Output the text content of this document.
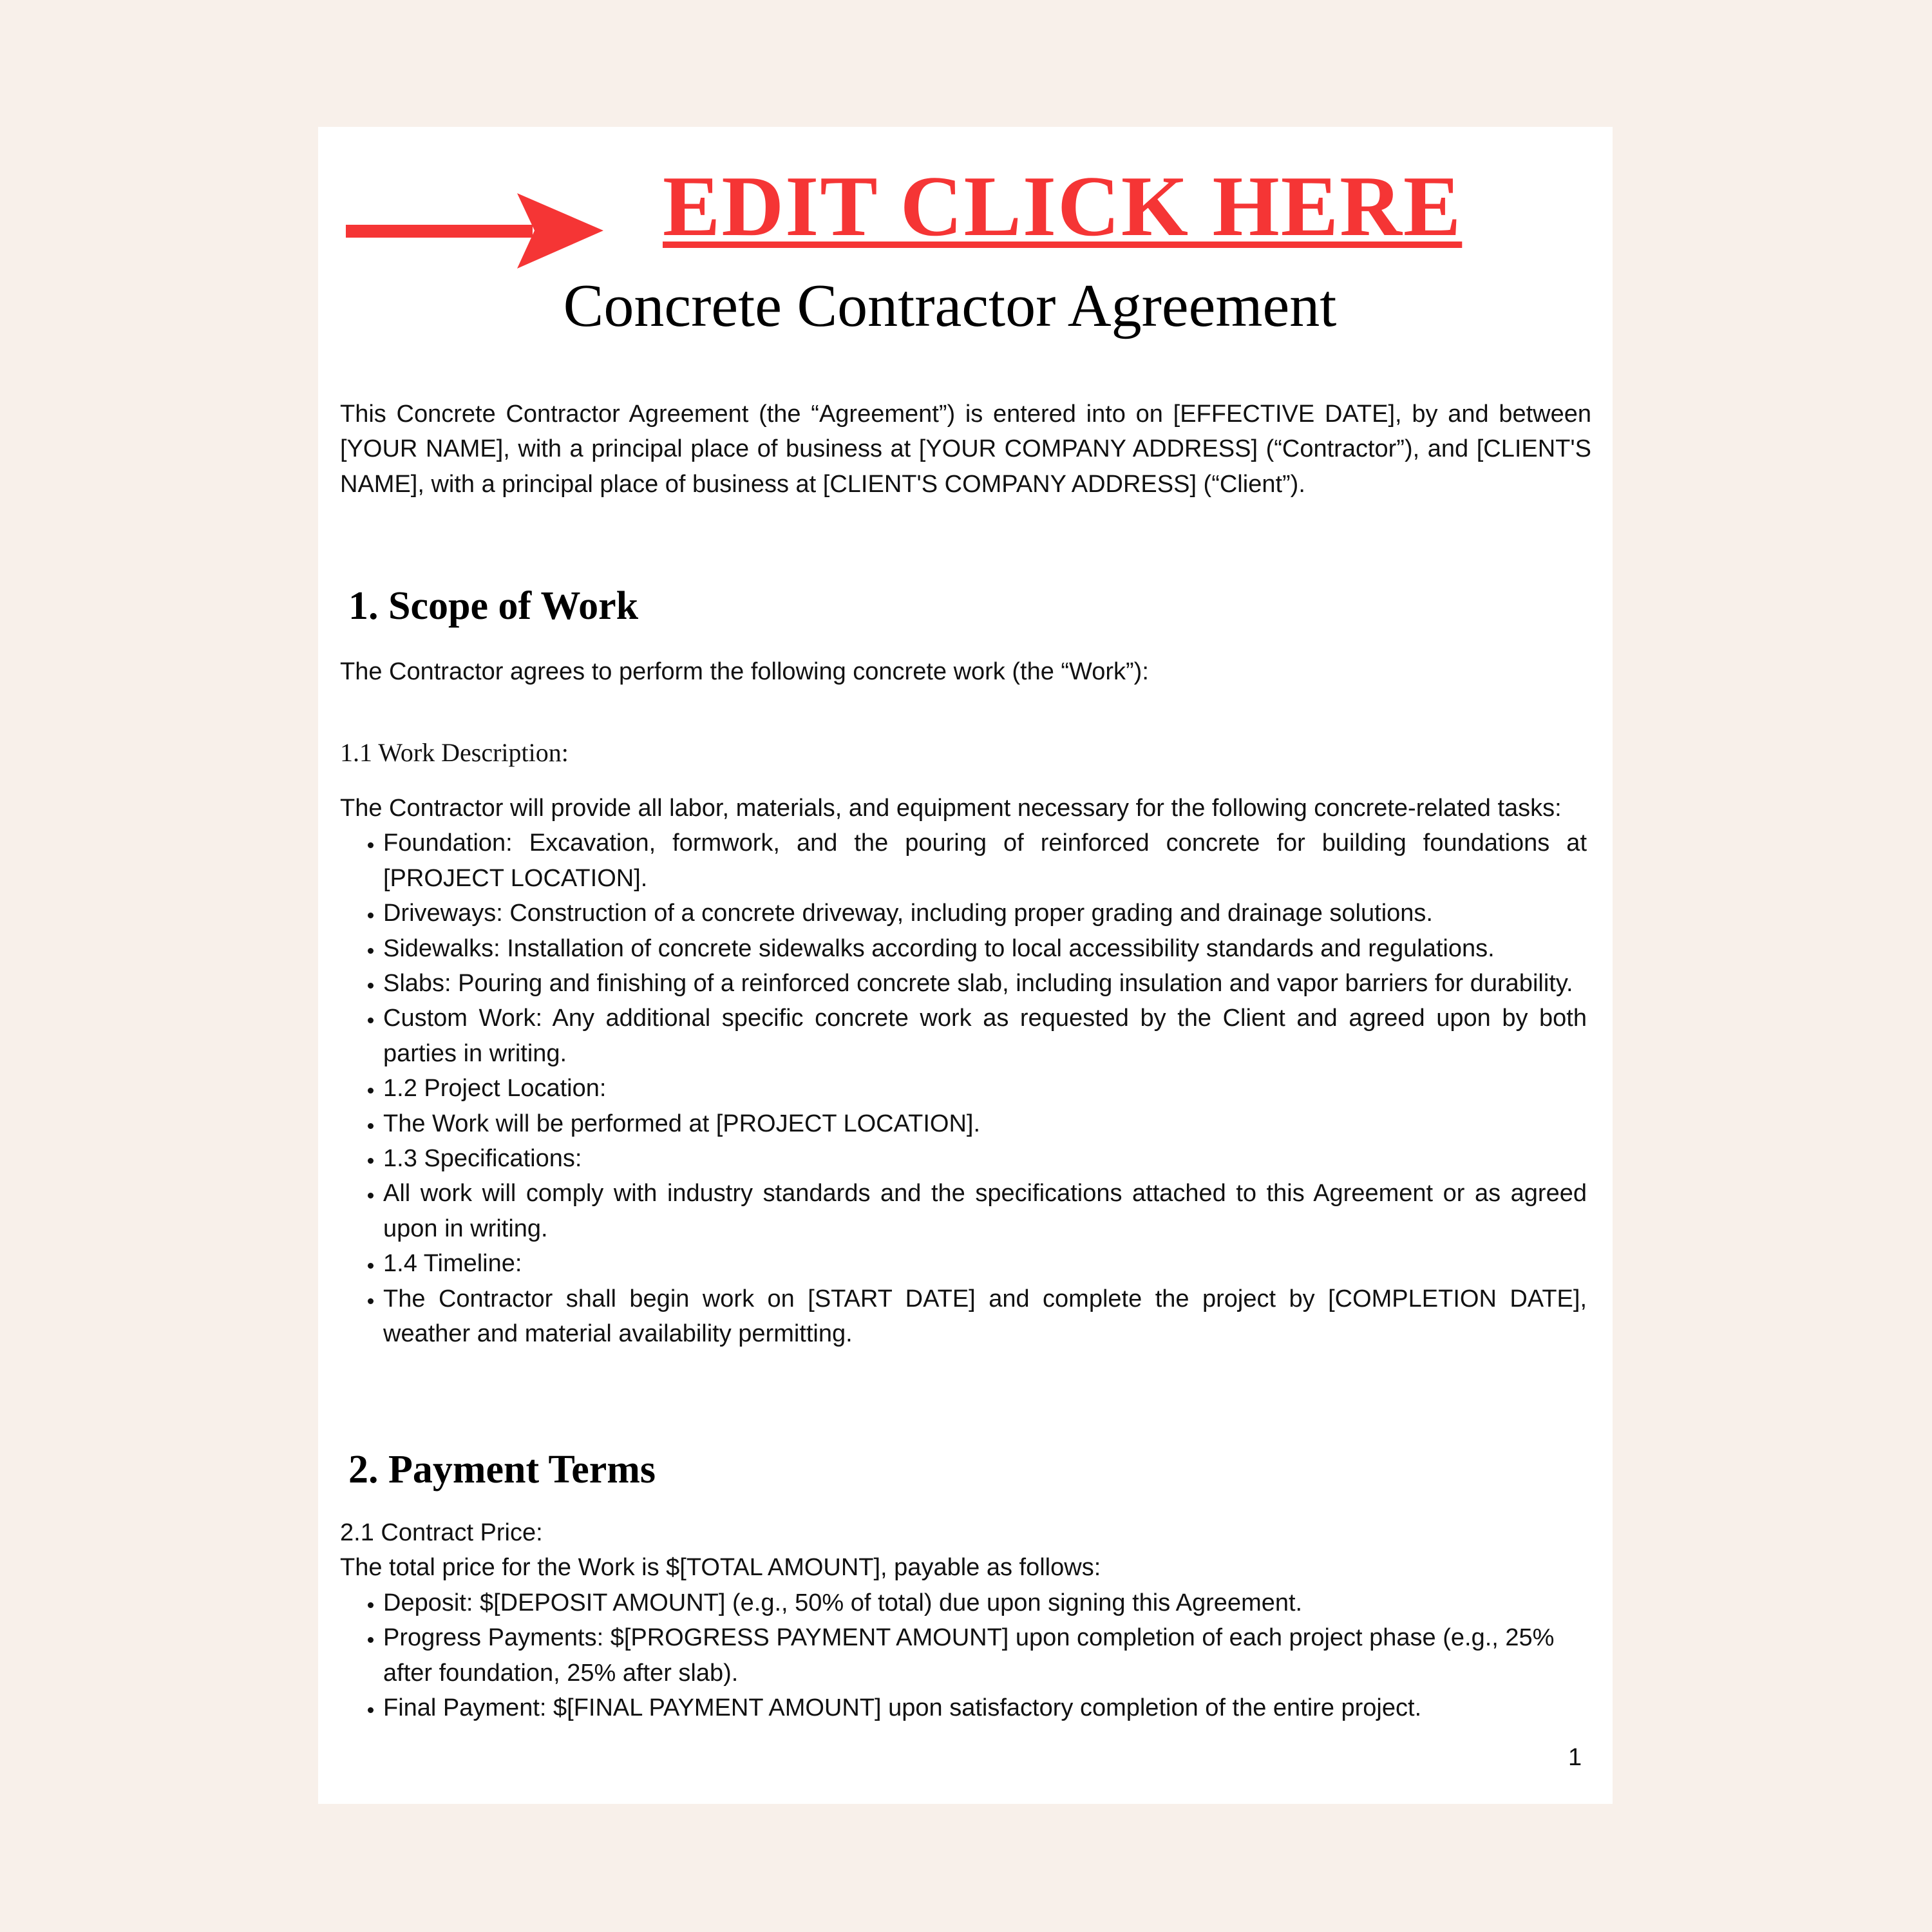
EDIT CLICK HERE
Concrete Contractor Agreement

This Concrete Contractor Agreement (the “Agreement”) is entered into on [EFFECTIVE DATE], by and between [YOUR NAME], with a principal place of business at [YOUR COMPANY ADDRESS] (“Contractor”), and [CLIENT'S NAME], with a principal place of business at [CLIENT'S COMPANY ADDRESS] (“Client”).

1. Scope of Work

The Contractor agrees to perform the following concrete work (the “Work”):

1.1 Work Description:
The Contractor will provide all labor, materials, and equipment necessary for the following concrete-related tasks:
• Foundation: Excavation, formwork, and the pouring of reinforced concrete for building foundations at [PROJECT LOCATION].
• Driveways: Construction of a concrete driveway, including proper grading and drainage solutions.
• Sidewalks: Installation of concrete sidewalks according to local accessibility standards and regulations.
• Slabs: Pouring and finishing of a reinforced concrete slab, including insulation and vapor barriers for durability.
• Custom Work: Any additional specific concrete work as requested by the Client and agreed upon by both parties in writing.
• 1.2 Project Location:
• The Work will be performed at [PROJECT LOCATION].
• 1.3 Specifications:
• All work will comply with industry standards and the specifications attached to this Agreement or as agreed upon in writing.
• 1.4 Timeline:
• The Contractor shall begin work on [START DATE] and complete the project by [COMPLETION DATE], weather and material availability permitting.
2. Payment Terms
2.1 Contract Price:
The total price for the Work is $[TOTAL AMOUNT], payable as follows:
• Deposit: $[DEPOSIT AMOUNT] (e.g., 50% of total) due upon signing this Agreement.
• Progress Payments: $[PROGRESS PAYMENT AMOUNT] upon completion of each project phase (e.g., 25% after foundation, 25% after slab).
• Final Payment: $[FINAL PAYMENT AMOUNT] upon satisfactory completion of the entire project.
1
